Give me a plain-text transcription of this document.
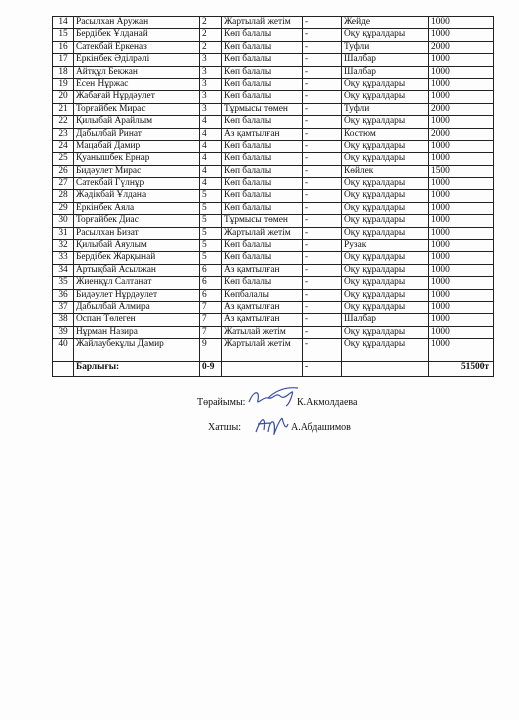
14	Расылхан Аружан	2	Жартылай жетім	-	Жейде	1000
15	Бердібек Ұлданай	2	Көп балалы	-	Оқу құралдары	1000
16	Сатекбай Еркеназ	2	Көп балалы	-	Туфли	2000
17	Еркінбек Әділрәлі	3	Көп балалы	-	Шалбар	1000
18	Айтқұл Бекжан	3	Көп балалы	-	Шалбар	1000
19	Есен Нұржас	3	Көп балалы	-	Оқу құралдары	1000
20	Жабағай Нұрдәулет	3	Көп балалы	-	Оқу құралдары	1000
21	Торғайбек Мирас	3	Тұрмысы төмен	-	Туфли	2000
22	Қилыбай Арайлым	4	Көп балалы	-	Оқу құралдары	1000
23	Дабылбай Ринат	4	Аз қамтылған	-	Костюм	2000
24	Мацабай Дамир	4	Көп балалы	-	Оқу құралдары	1000
25	Қуанышбек Ернар	4	Көп балалы	-	Оқу құралдары	1000
26	Бидәулет Мирас	4	Көп балалы	-	Көйлек	1500
27	Сатекбай Гүлнұр	4	Көп балалы	-	Оқу құралдары	1000
28	Жәдікбай Ұлдана	5	Көп балалы	-	Оқу құралдары	1000
29	Еркінбек Аяла	5	Көп балалы	-	Оқу құралдары	1000
30	Торғайбек Диас	5	Тұрмысы төмен	-	Оқу құралдары	1000
31	Расылхан Бизат	5	Жартылай жетім	-	Оқу құралдары	1000
32	Қилыбай Аяулым	5	Көп балалы	-	Рузак	1000
33	Бердібек Жарқынай	5	Көп балалы	-	Оқу құралдары	1000
34	Артықбай Асылжан	6	Аз қамтылған	-	Оқу құралдары	1000
35	Жиенқұл Салтанат	6	Көп балалы	-	Оқу құралдары	1000
36	Бидәулет Нұрдәулет	6	Көпбалалы	-	Оқу құралдары	1000
37	Дабылбай Алмира	7	Аз қамтылған	-	Оқу құралдары	1000
38	Оспан Төлеген	7	Аз қамтылған	-	Шалбар	1000
39	Нұрман Назира	7	Жатылай жетім	-	Оқу құралдары	1000
40	Жайлаубекұлы Дамир	9	Жартылай жетім	-	Оқу құралдары	1000
	Барлығы:	0-9		-		51500т
Төрайымы:	К.Акмолдаева
Хатшы:	А.Абдашимов
